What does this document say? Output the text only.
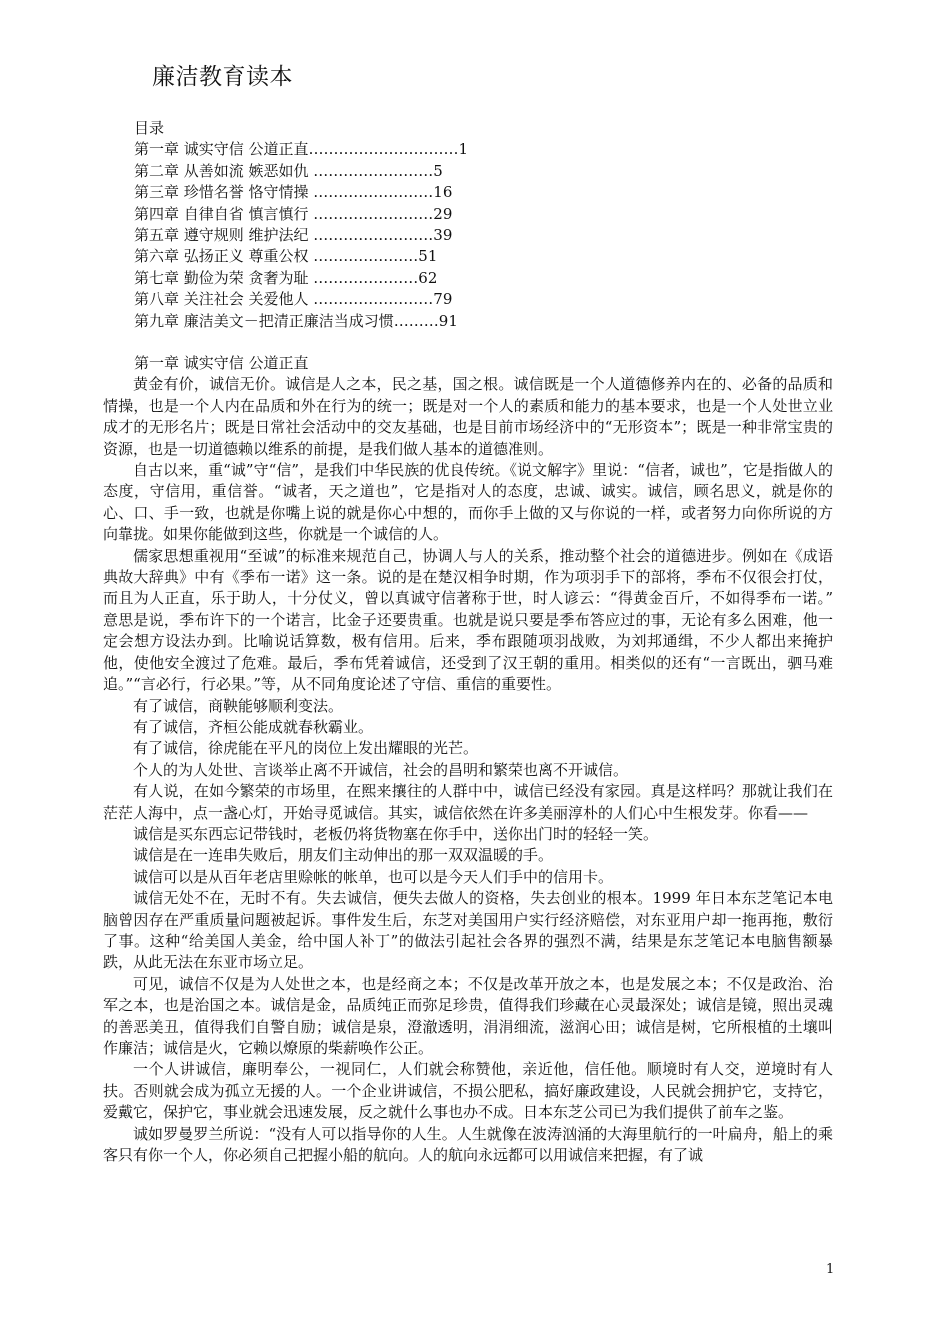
廉洁教育读本
目录
第一章 诚实守信 公道正直…………………………1
第二章 从善如流 嫉恶如仇 ……………………5
第三章 珍惜名誉 恪守情操 ……………………16
第四章 自律自省 慎言慎行 ……………………29
第五章 遵守规则 维护法纪 ……………………39
第六章 弘扬正义 尊重公权 …………………51
第七章 勤俭为荣 贪奢为耻 …………………62
第八章 关注社会 关爱他人 ……………………79
第九章 廉洁美文－把清正廉洁当成习惯………91
第一章 诚实守信 公道正直

黄金有价，诚信无价。诚信是人之本，民之基，国之根。诚信既是一个人道德修养内在的、必备的品质和情操，也是一个人内在品质和外在行为的统一；既是对一个人的素质和能力的基本要求，也是一个人处世立业成才的无形名片；既是日常社会活动中的交友基础，也是目前市场经济中的“无形资本”；既是一种非常宝贵的资源，也是一切道德赖以维系的前提，是我们做人基本的道德准则。

自古以来，重“诚”守“信”，是我们中华民族的优良传统。《说文解字》里说：“信者，诚也”，它是指做人的态度，守信用，重信誉。“诚者，天之道也”，它是指对人的态度，忠诚、诚实。诚信，顾名思义，就是你的心、口、手一致，也就是你嘴上说的就是你心中想的，而你手上做的又与你说的一样，或者努力向你所说的方向靠拢。如果你能做到这些，你就是一个诚信的人。

儒家思想重视用“至诚”的标准来规范自己，协调人与人的关系，推动整个社会的道德进步。例如在《成语典故大辞典》中有《季布一诺》这一条。说的是在楚汉相争时期，作为项羽手下的部将，季布不仅很会打仗，而且为人正直，乐于助人，十分仗义，曾以真诚守信著称于世，时人谚云：“得黄金百斤，不如得季布一诺。” 意思是说，季布许下的一个诺言，比金子还要贵重。也就是说只要是季布答应过的事，无论有多么困难，他一定会想方设法办到。比喻说话算数，极有信用。后来，季布跟随项羽战败，为刘邦通缉，不少人都出来掩护他，使他安全渡过了危难。最后，季布凭着诚信，还受到了汉王朝的重用。相类似的还有“一言既出，驷马难追。”“言必行，行必果。”等，从不同角度论述了守信、重信的重要性。

有了诚信，商鞅能够顺利变法。

有了诚信，齐桓公能成就春秋霸业。

有了诚信，徐虎能在平凡的岗位上发出耀眼的光芒。

个人的为人处世、言谈举止离不开诚信，社会的昌明和繁荣也离不开诚信。

有人说，在如今繁荣的市场里，在熙来攘往的人群中中，诚信已经没有家园。真是这样吗？那就让我们在茫茫人海中，点一盏心灯，开始寻觅诚信。其实，诚信依然在许多美丽淳朴的人们心中生根发芽。你看——

诚信是买东西忘记带钱时，老板仍将货物塞在你手中，送你出门时的轻轻一笑。

诚信是在一连串失败后，朋友们主动伸出的那一双双温暖的手。

诚信可以是从百年老店里赊帐的帐单，也可以是今天人们手中的信用卡。

诚信无处不在，无时不有。失去诚信，便失去做人的资格，失去创业的根本。1999 年日本东芝笔记本电脑曾因存在严重质量问题被起诉。事件发生后，东芝对美国用户实行经济赔偿，对东亚用户却一拖再拖，敷衍了事。这种“给美国人美金，给中国人补丁”的做法引起社会各界的强烈不满，结果是东芝笔记本电脑售额暴跌，从此无法在东亚市场立足。

可见，诚信不仅是为人处世之本，也是经商之本；不仅是改革开放之本，也是发展之本；不仅是政治、治军之本，也是治国之本。诚信是金，品质纯正而弥足珍贵，值得我们珍藏在心灵最深处；诚信是镜，照出灵魂的善恶美丑，值得我们自警自励；诚信是泉，澄澈透明，涓涓细流，滋润心田；诚信是树，它所根植的土壤叫作廉洁；诚信是火，它赖以燎原的柴薪唤作公正。

一个人讲诚信，廉明奉公，一视同仁，人们就会称赞他，亲近他，信任他。顺境时有人交，逆境时有人扶。否则就会成为孤立无援的人。一个企业讲诚信，不损公肥私，搞好廉政建设，人民就会拥护它，支持它，爱戴它，保护它，事业就会迅速发展，反之就什么事也办不成。日本东芝公司已为我们提供了前车之鉴。

诚如罗曼罗兰所说：“没有人可以指导你的人生。人生就像在波涛汹涌的大海里航行的一叶扁舟，船上的乘客只有你一个人，你必须自己把握小船的航向。人的航向永远都可以用诚信来把握，有了诚

1
